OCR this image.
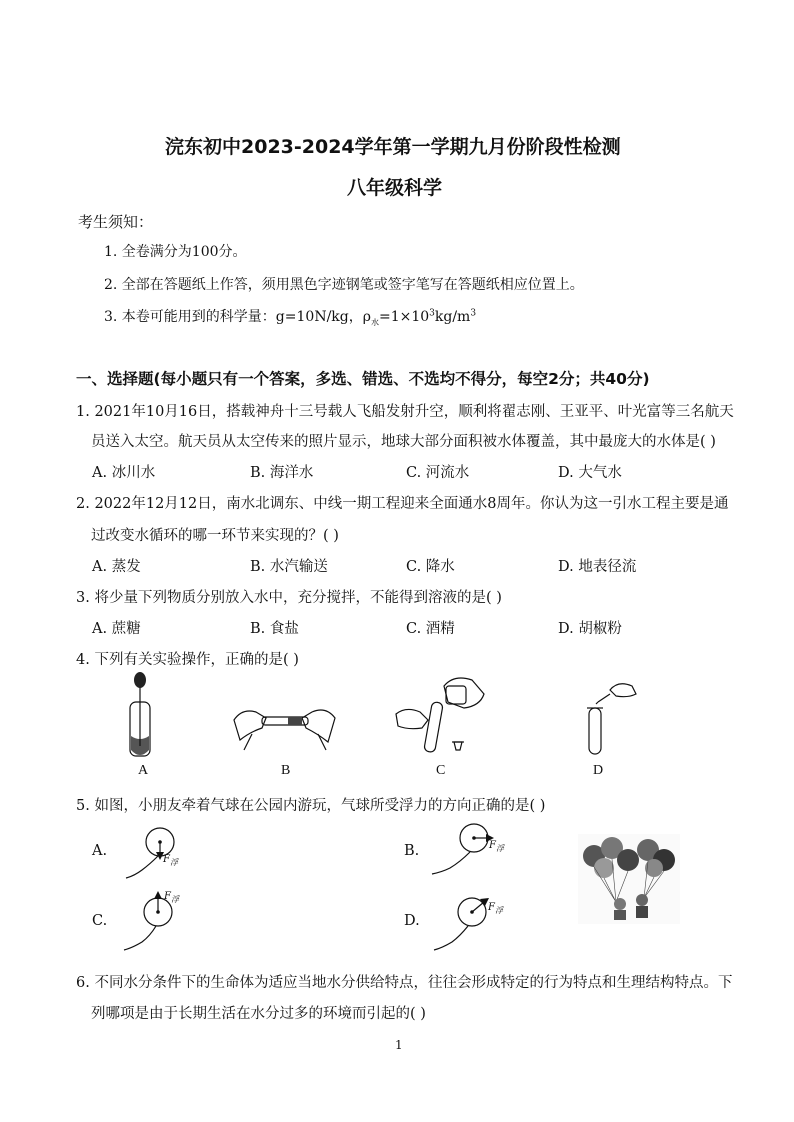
浣东初中2023-2024学年第一学期九月份阶段性检测
八年级科学
考生须知：
1. 全卷满分为100分。
2. 全部在答题纸上作答，须用黑色字迹钢笔或签字笔写在答题纸相应位置上。
3. 本卷可能用到的科学量：g=10N/kg，$\rho_水=1\times 10^3kg/m^3$
一、选择题(每小题只有一个答案，多选、错选、不选均不得分，每空2分；共40分)
1. 2021年10月16日，搭载神舟十三号载人飞船发射升空，顺利将翟志刚、王亚平、叶光富等三名航天
员送入太空。航天员从太空传来的照片显示，地球大部分面积被水体覆盖，其中最庞大的水体是( )
A. 冰川水	B. 海洋水	C. 河流水	D. 大气水
2. 2022年12月12日，南水北调东、中线一期工程迎来全面通水8周年。你认为这一引水工程主要是通
过改变水循环的哪一环节来实现的？( )
A. 蒸发	B. 水汽输送	C. 降水	D. 地表径流
3. 将少量下列物质分别放入水中，充分搅拌，不能得到溶液的是( )
A. 蔗糖	B. 食盐	C. 酒精	D. 胡椒粉
4. 下列有关实验操作，正确的是( )
A	B	C	D
5. 如图，小朋友牵着气球在公园内游玩，气球所受浮力的方向正确的是( )
A.
$F_浮$
B.	$F_浮$
C.
$F_浮$
D.
$F_浮$
6. 不同水分条件下的生命体为适应当地水分供给特点，往往会形成特定的行为特点和生理结构特点。下
列哪项是由于长期生活在水分过多的环境而引起的( )
1
